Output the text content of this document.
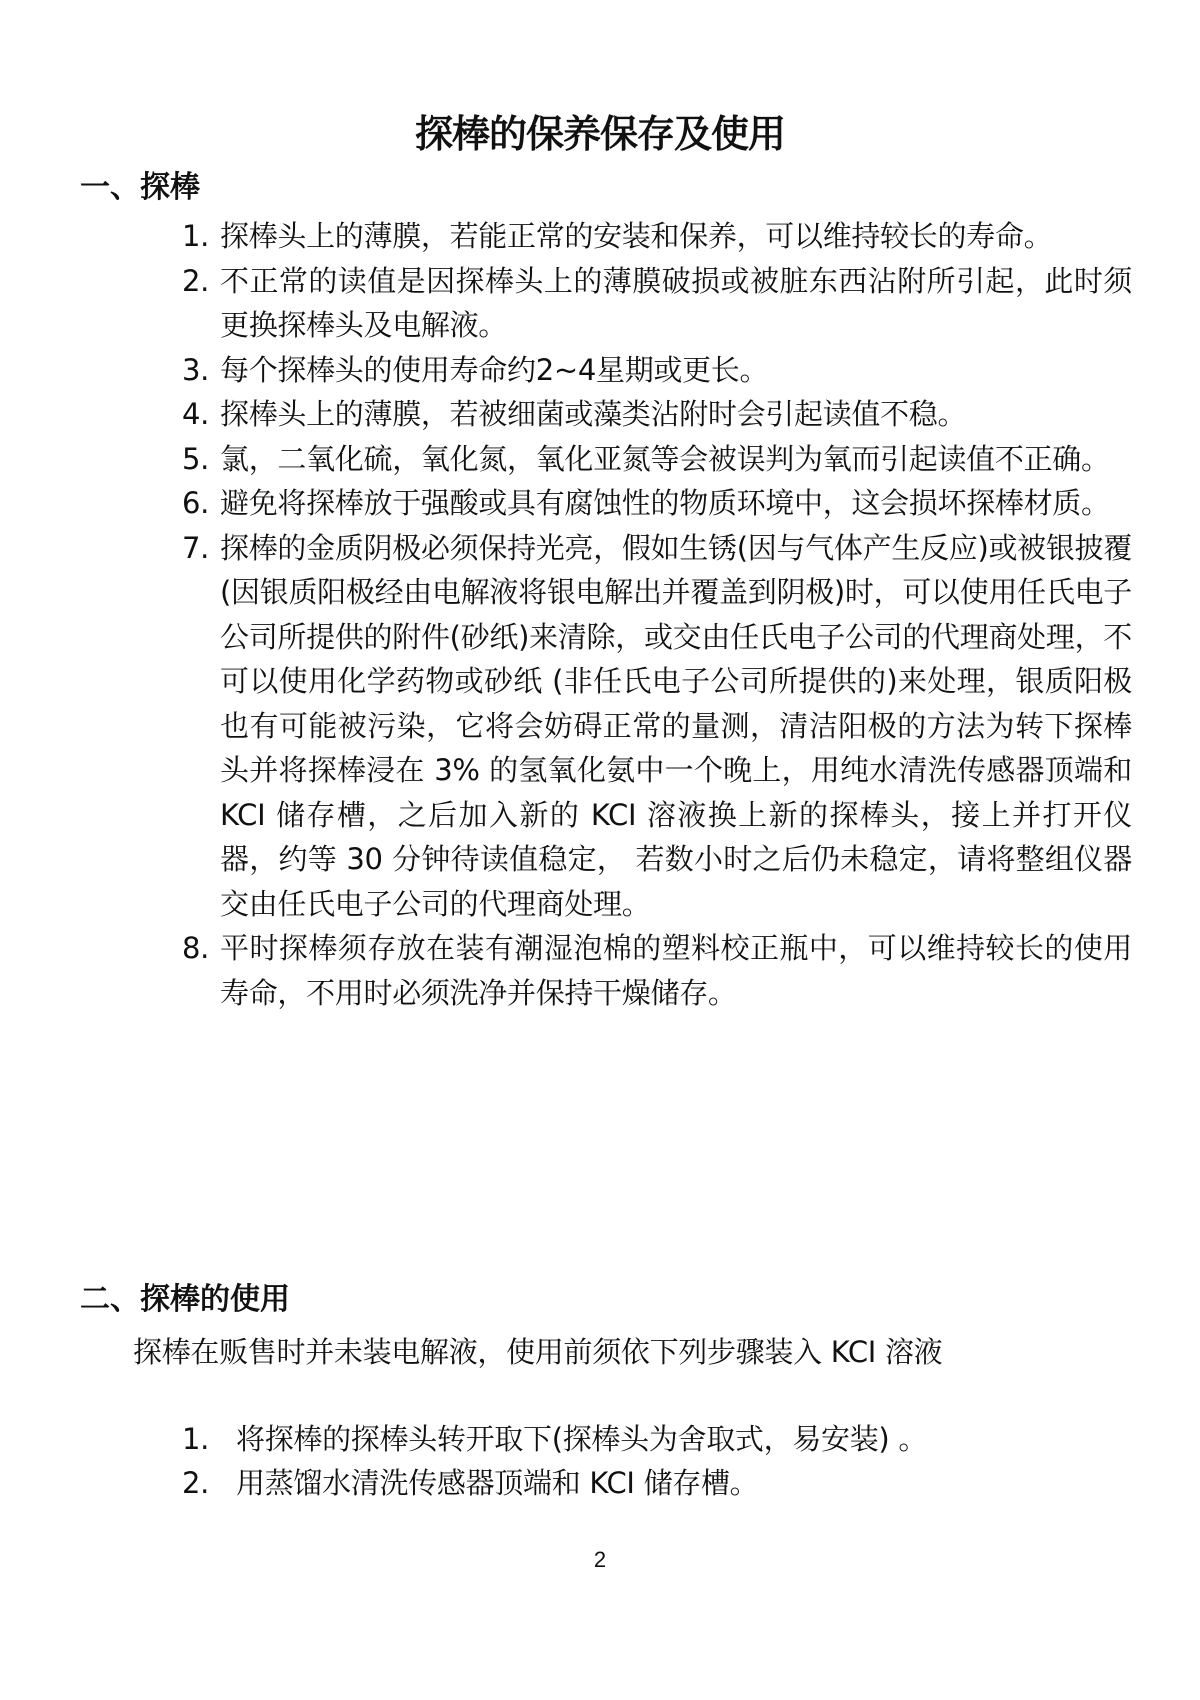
探棒的保养保存及使用
一、探棒
1. 探棒头上的薄膜，若能正常的安装和保养，可以维持较长的寿命。
2. 不正常的读值是因探棒头上的薄膜破损或被脏东西沾附所引起，此时须更换探棒头及电解液。
3. 每个探棒头的使用寿命约2~4星期或更长。
4. 探棒头上的薄膜，若被细菌或藻类沾附时会引起读值不稳。
5. 氯，二氧化硫，氧化氮，氧化亚氮等会被误判为氧而引起读值不正确。
6. 避免将探棒放于强酸或具有腐蚀性的物质环境中，这会损坏探棒材质。
7. 探棒的金质阴极必须保持光亮，假如生锈(因与气体产生反应)或被银披覆(因银质阳极经由电解液将银电解出并覆盖到阴极)时，可以使用任氏电子公司所提供的附件(砂纸)来清除，或交由任氏电子公司的代理商处理，不可以使用化学药物或砂纸 (非任氏电子公司所提供的)来处理，银质阳极也有可能被污染，它将会妨碍正常的量测，清洁阳极的方法为转下探棒头并将探棒浸在 3% 的氢氧化氨中一个晚上，用纯水清洗传感器顶端和 KCI 储存槽，之后加入新的 KCI 溶液换上新的探棒头，接上并打开仪器，约等 30 分钟待读值稳定， 若数小时之后仍未稳定，请将整组仪器交由任氏电子公司的代理商处理。
8. 平时探棒须存放在装有潮湿泡棉的塑料校正瓶中，可以维持较长的使用寿命，不用时必须洗净并保持干燥储存。
二、探棒的使用
探棒在贩售时并未装电解液，使用前须依下列步骤装入 KCI 溶液
1. 将探棒的探棒头转开取下(探棒头为舍取式，易安装) 。
2. 用蒸馏水清洗传感器顶端和 KCI 储存槽。
2
